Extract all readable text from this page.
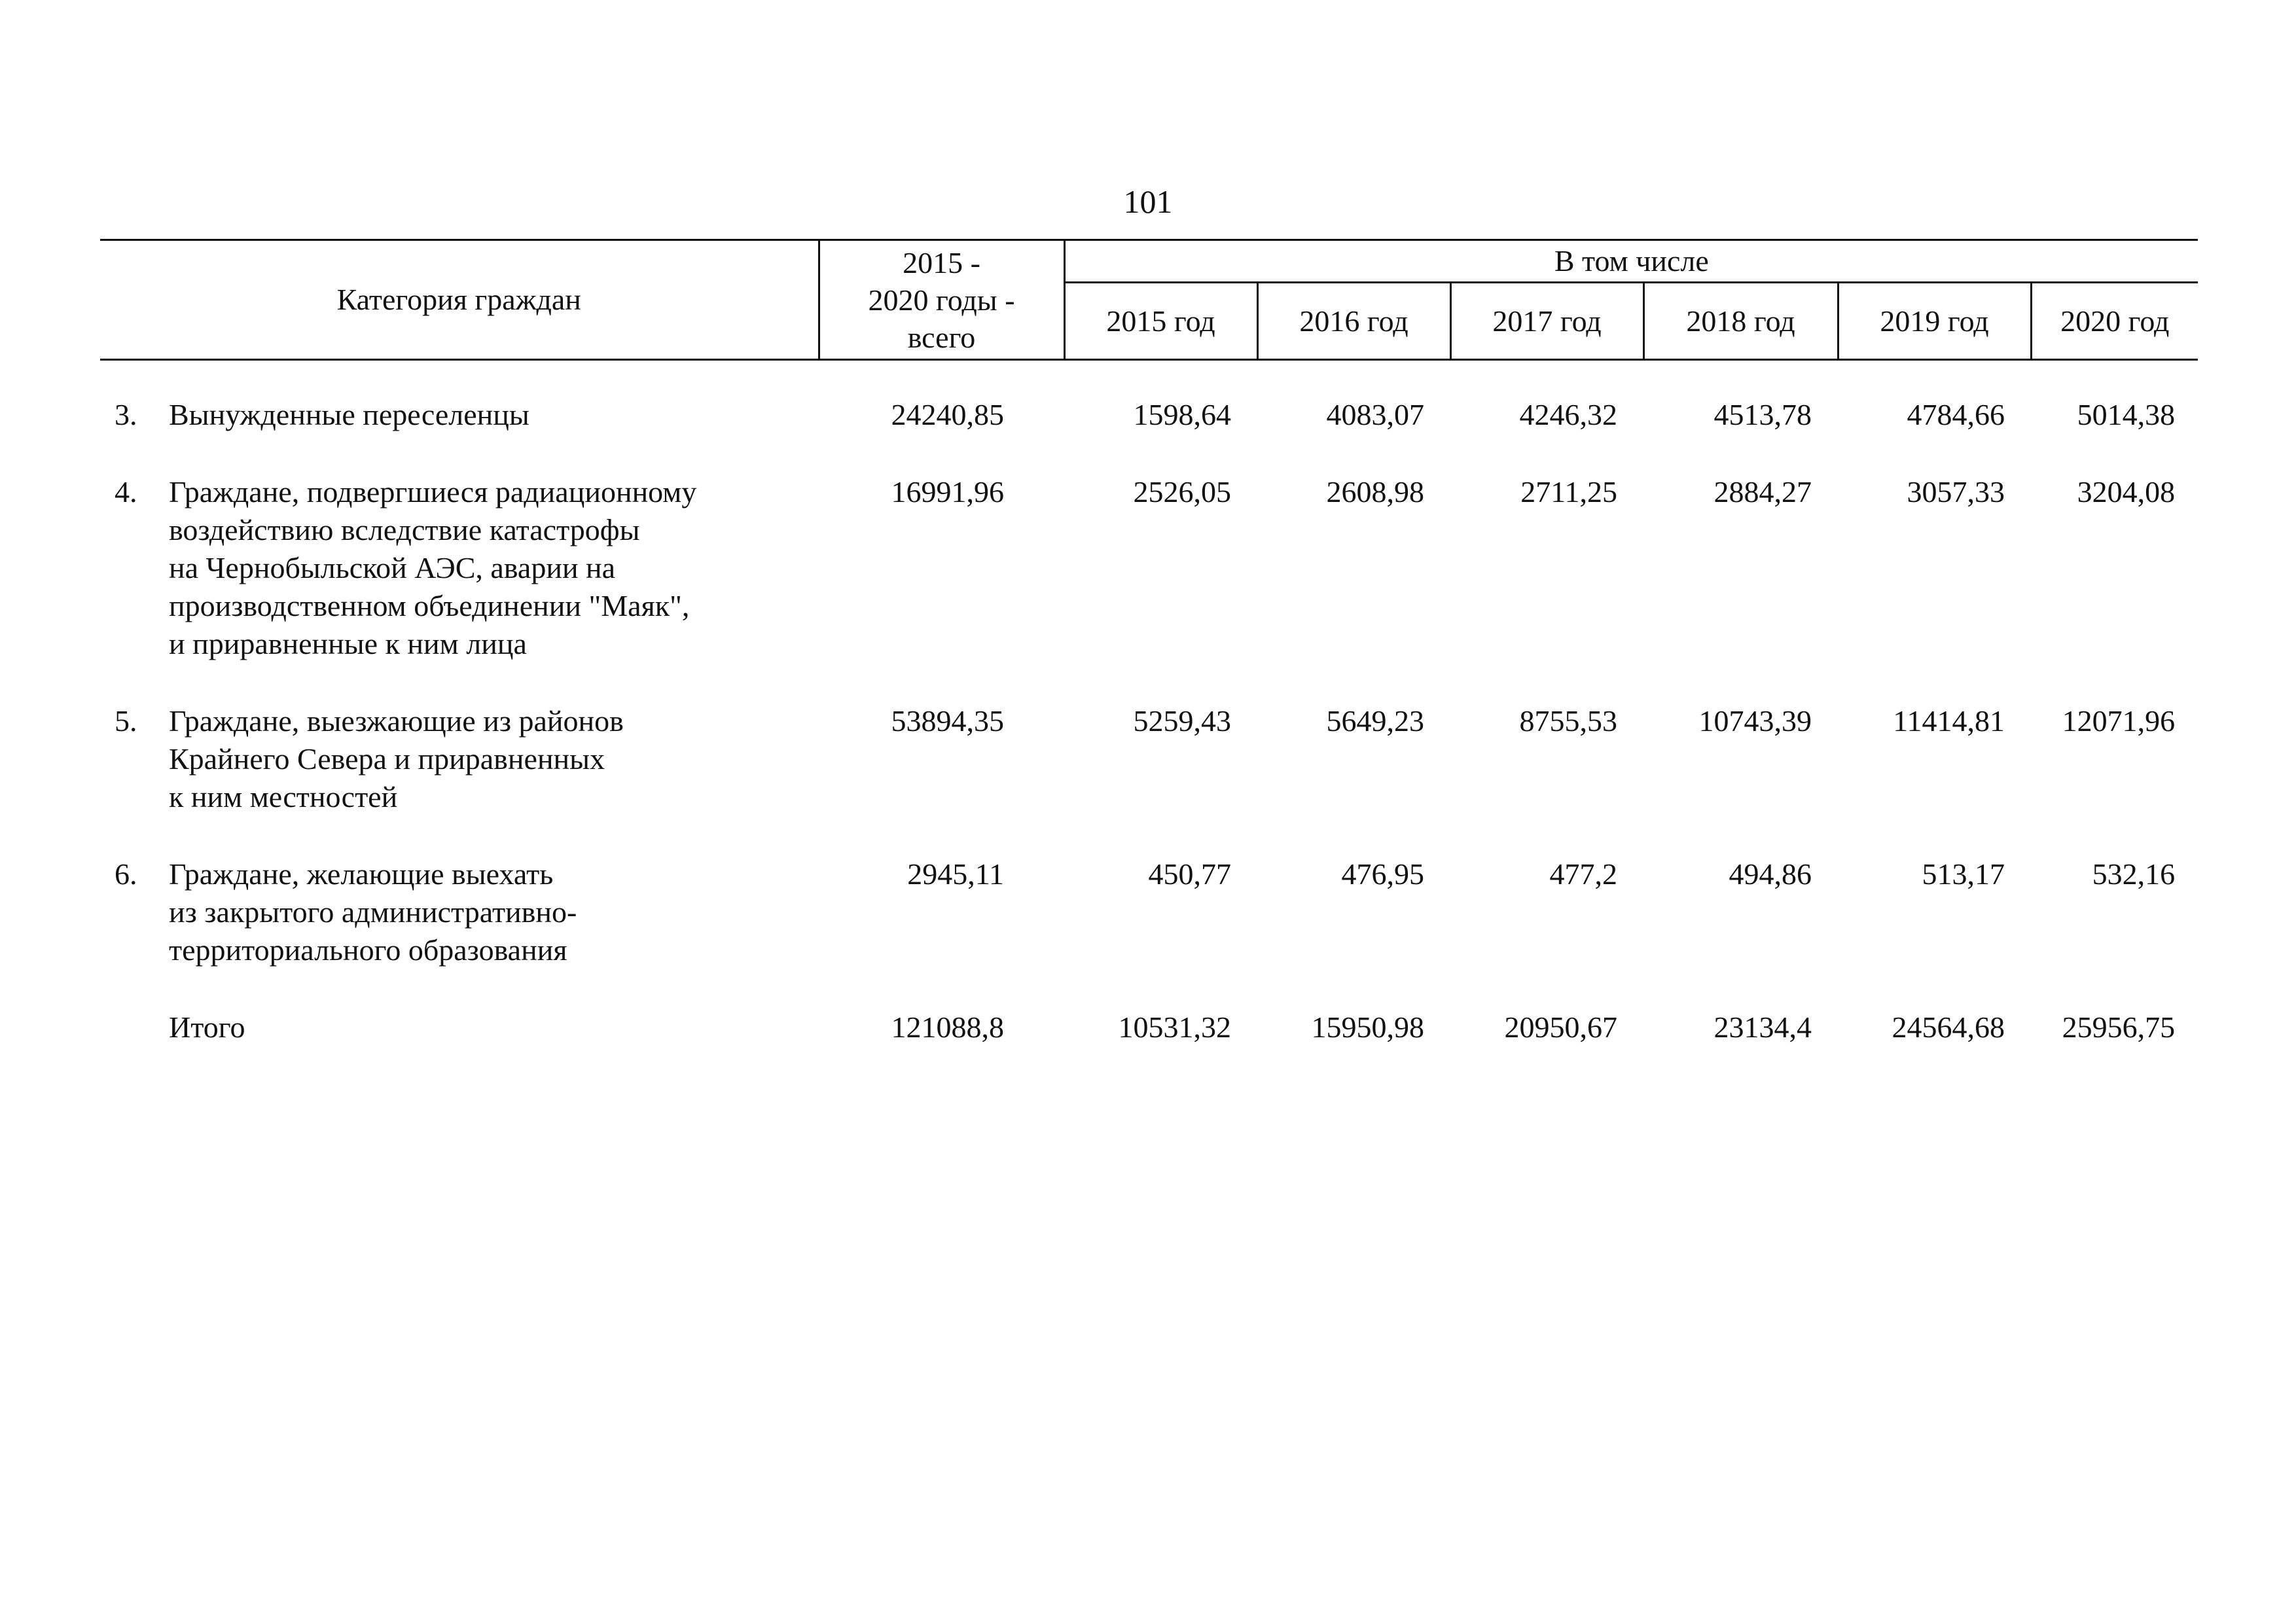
101
Категория граждан		2015 -
2020 годы -
всего	В том числе					
			2015 год	2016 год	2017 год	2018 год	2019 год	2020 год

3.	Вынужденные переселенцы	24240,85	1598,64	4083,07	4246,32	4513,78	4784,66	5014,38
4.	Граждане, подвергшиеся радиационному
воздействию вследствие катастрофы
на Чернобыльской АЭС, аварии на
производственном объединении "Маяк",
и приравненные к ним лица	16991,96	2526,05	2608,98	2711,25	2884,27	3057,33	3204,08
5.	Граждане, выезжающие из районов
Крайнего Севера и приравненных
к ним местностей	53894,35	5259,43	5649,23	8755,53	10743,39	11414,81	12071,96
6.	Граждане, желающие выехать
из закрытого административно-
территориального образования	2945,11	450,77	476,95	477,2	494,86	513,17	532,16
	Итого	121088,8	10531,32	15950,98	20950,67	23134,4	24564,68	25956,75
